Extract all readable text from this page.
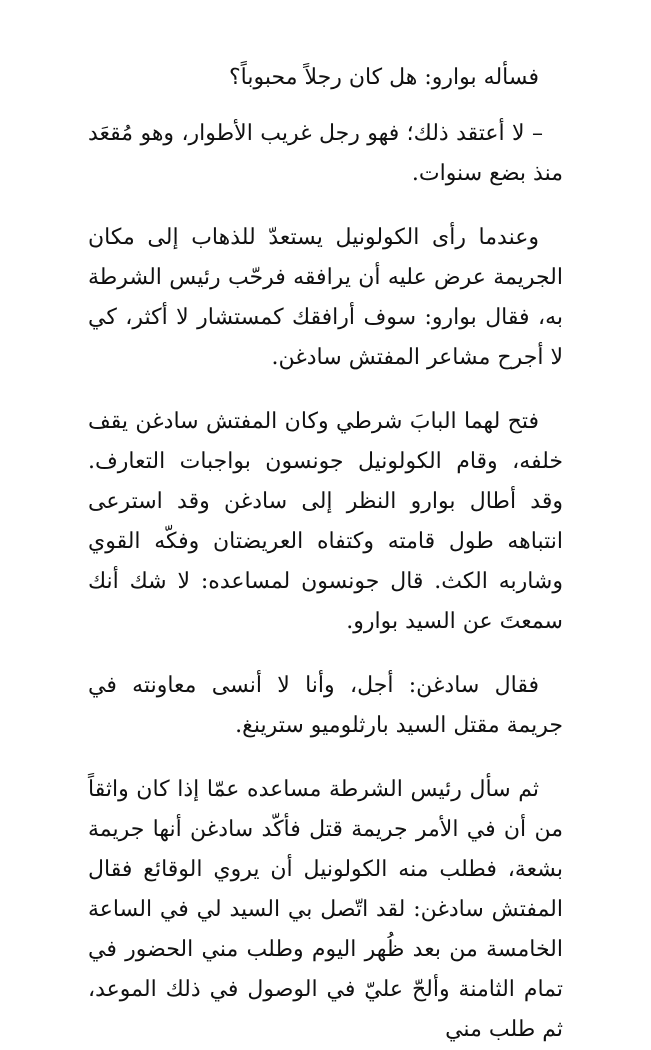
فسأله بوارو: هل كان رجلاً محبوباً؟

– لا أعتقد ذلك؛ فهو رجل غريب الأطوار، وهو مُقعَد منذ بضع سنوات.

وعندما رأى الكولونيل يستعدّ للذهاب إلى مكان الجريمة عرض عليه أن يرافقه فرحّب رئيس الشرطة به، فقال بوارو: سوف أرافقك كمستشار لا أكثر، كي لا أجرح مشاعر المفتش سادغن.

فتح لهما البابَ شرطي وكان المفتش سادغن يقف خلفه، وقام الكولونيل جونسون بواجبات التعارف. وقد أطال بوارو النظر إلى سادغن وقد استرعى انتباهه طول قامته وكتفاه العريضتان وفكّه القوي وشاربه الكث. قال جونسون لمساعده: لا شك أنك سمعتَ عن السيد بوارو.

فقال سادغن: أجل، وأنا لا أنسى معاونته في جريمة مقتل السيد بارثلوميو سترينغ.

ثم سأل رئيس الشرطة مساعده عمّا إذا كان واثقاً من أن في الأمر جريمة قتل فأكّد سادغن أنها جريمة بشعة، فطلب منه الكولونيل أن يروي الوقائع فقال المفتش سادغن: لقد اتّصل بي السيد لي في الساعة الخامسة من بعد ظُهر اليوم وطلب مني الحضور في تمام الثامنة وألحّ عليّ في الوصول في ذلك الموعد، ثم طلب مني
